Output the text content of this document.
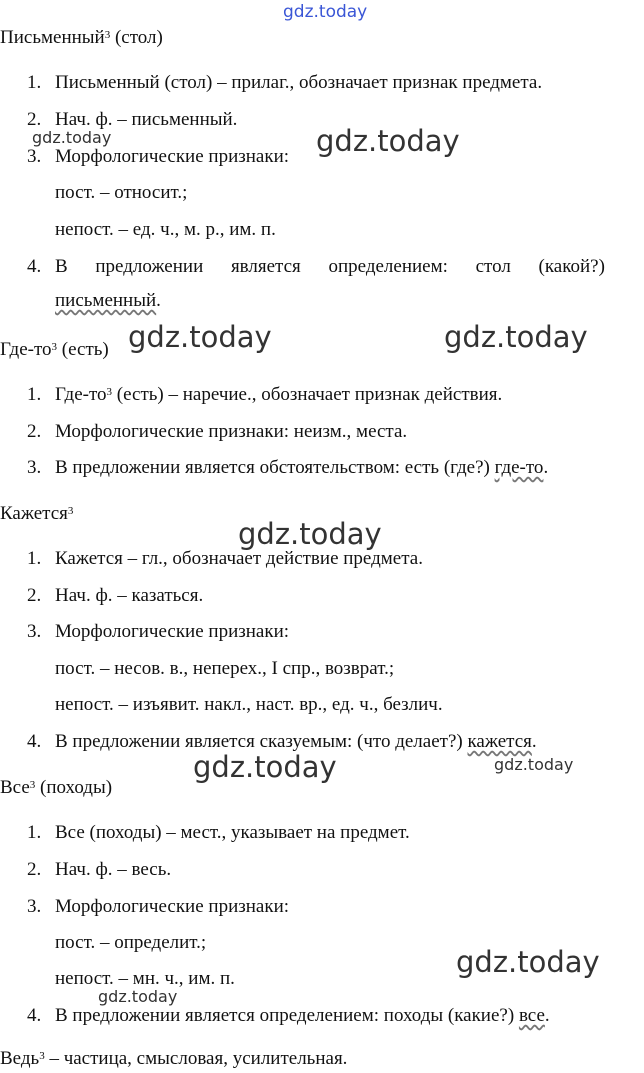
gdz.today
gdz.today	gdz.today
gdz.today	gdz.today
gdz.today
gdz.today	gdz.today
gdz.today
gdz.today
Письменный$^3$ (стол)
1. Письменный (стол) – прилаг., обозначает признак предмета.
2. Нач. ф. – письменный.
3. Морфологические признаки:
пост. – относит.;
непост. – ед. ч., м. р., им. п.
4. В предложении является определением: стол (какой?)
письменный.
Где-$то^3$ (есть)
1. Где-$то^3$ (есть) – наречие., обозначает признак действия.
2. Морфологические признаки: неизм., места.
3. В предложении является обстоятельством: есть (где?) где-то.
Кажется$^3$
1. Кажется – гл., обозначает действие предмета.
2. Нач. ф. – казаться.
3. Морфологические признаки:
пост. – несов. в., неперех., I спр., возврат.;
непост. – изъявит. накл., наст. вр., ед. ч., безлич.
4. В предложении является сказуемым: (что делает?) кажется.
Все$^3$ (походы)
1. Все (походы) – мест., указывает на предмет.
2. Нач. ф. – весь.
3. Морфологические признаки:
пост. – определит.;
непост. – мн. ч., им. п.
4. В предложении является определением: походы (какие?) все.
Ведь$^3$ – частица, смысловая, усилительная.
